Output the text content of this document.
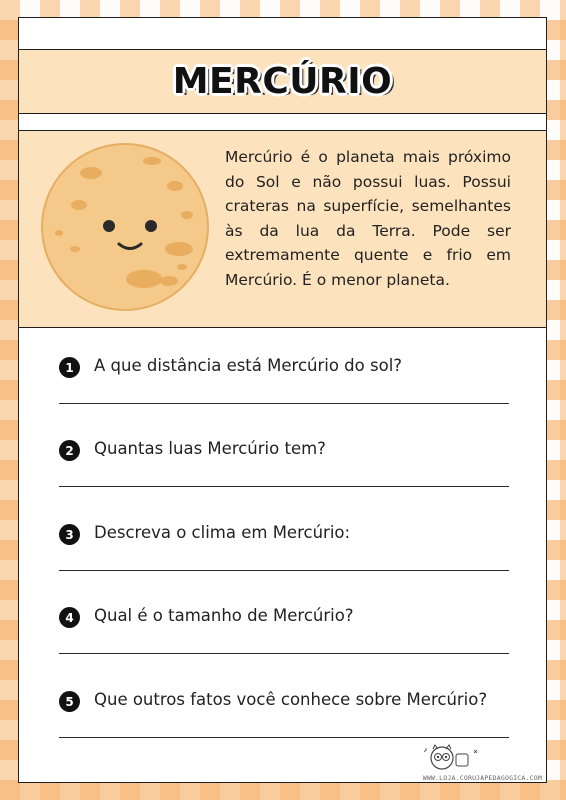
MERCÚRIO
Mercúrio é o planeta mais próximo do Sol e não possui luas. Possui crateras na superfície, semelhantes às da lua da Terra. Pode ser extremamente quente e frio em Mercúrio. É o menor planeta.
1	A que distância está Mercúrio do sol?
2	Quantas luas Mercúrio tem?
3	Descreva o clima em Mercúrio:
4	Qual é o tamanho de Mercúrio?
5	Que outros fatos você conhece sobre Mercúrio?
WWW.LOJA.CORUJAPEDAGOGICA.COM
